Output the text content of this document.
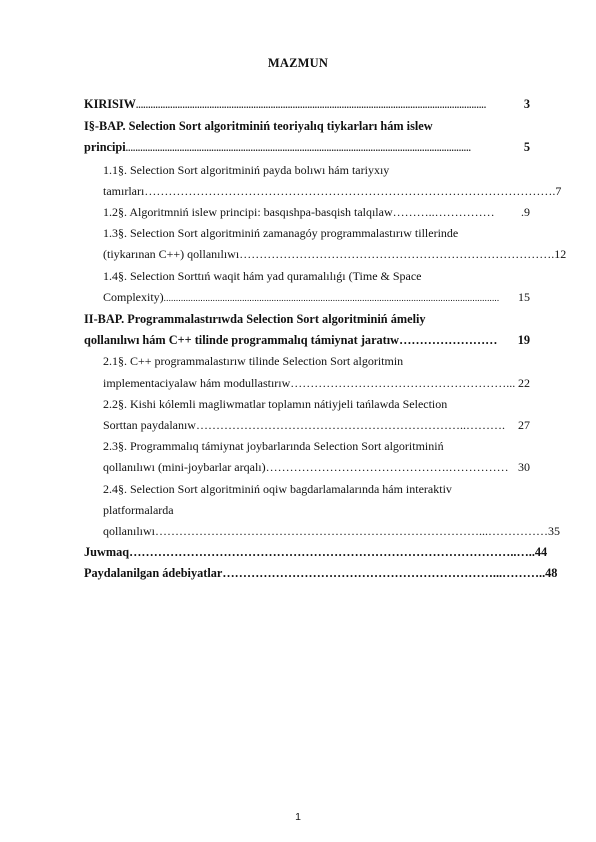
MAZMUN
KIRISIW ...............................................................................................................................................	3
I§-BAP. Selection Sort algoritminiń teoriyalıq tiykarları hám islew
principi .............................................................................................................................................	5
1.1§. Selection Sort algoritminiń payda bolıwı hám tariyxıy
tamırları ………………………………………………………………………………………… .7
1.2§. Algoritmniń islew principi: basqıshpa-basqish talqılaw ………..……………	.9
1.3§. Selection Sort algoritminiń zamanagóy programmalastırıw tillerinde
(tiykarınan C++) qollanılıwı …………………………………………………………………… .12
1.4§. Selection Sorttıń waqit hám yad quramalılıǵı (Time & Space
Complexity) .........................................................................................................................................	15
II-BAP. Programmalastırıwda Selection Sort algoritminiń ámeliy
qollanılıwı hám C++ tilinde programmalıq támiynat jaratıw ……………………	19
2.1§. C++ programmalastırıw tilinde Selection Sort algoritmin
implementaciyalaw hám modullastırıw ………………………………………………... 22
2.2§. Kishi kólemli magliwmatlar toplamın nátiyjeli tańlawda Selection
Sorttan paydalanıw …………………………………………………………..……….	27
2.3§. Programmalıq támiynat joybarlarında Selection Sort algoritminiń
qollanılıwı (mini-joybarlar arqalı) ……………………………………….…………… 30
2.4§. Selection Sort algoritminiń oqiw bagdarlamalarında hám interaktiv
platformalarda
qollanılıwı ………………………………………………………………………...…………… 35
Juwmaq …………………………………………………………………………………..….. 44
Paydalanilgan ádebiyatlar …………………………………………………………...……….. 48
1
